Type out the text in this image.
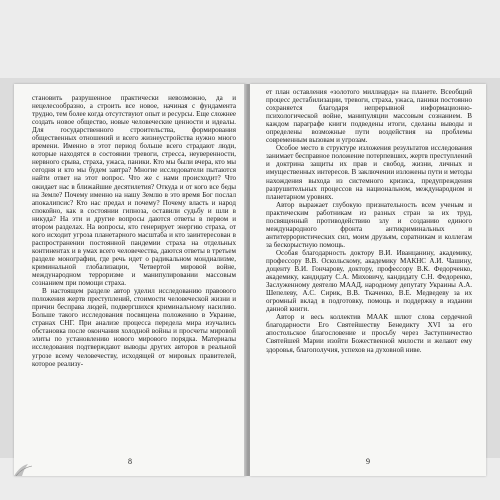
становить разрушенное практически невозможно, да и нецелесообразно, а строить все новое, начиная с фундамента трудно, тем более когда отсутствуют опыт и ресурсы. Еще сложнее создать новое общество, новые человеческие ценности и идеалы. Для государственного строительства, формирования общественных отношений и всего жизнеустройства нужно много времени. Именно в этот период больше всего страдают люди, которые находятся в состоянии тревоги, стресса, неуверенности, нервного срыва, страха, ужаса, паники. Кто мы были вчера, кто мы сегодня и кто мы будем завтра? Многие исследователи пытаются найти ответ на этот вопрос. Что же с нами происходит? Что ожидает нас в ближайшие десятилетия? Откуда и от кого все беды на Земле? Почему именно на нашу Землю в это время Бог послал апокалипсис? Кто нас предал и почему? Почему власть и народ спокойно, как в состоянии гипноза, оставили судьбу и шли в никуда? На эти и другие вопросы даются ответы в первом и втором разделах. На вопросы, кто генерирует энергию страха, от кого исходит угроза планетарного масштаба и кто заинтересован в распространении постоянной пандемии страха на отдельных континентах и в умах всего человечества, даются ответы в третьем разделе монографии, где речь идет о радикальном мондиализме, криминальной глобализации, Четвертой мировой войне, международном терроризме и манипулировании массовым сознанием при помощи страха.

В настоящем разделе автор уделил исследованию правового положения жертв преступлений, стоимости человеческой жизни и причин бесправа людей, подвергшихся криминальному насилию. Больше такого исследования посвящена положению в Украине, странах СНГ. При анализе процесса передела мира изучались обстановка после окончания холодной войны и просчеты мировой элиты по установлению нового мирового порядка. Материалы исследования подтверждают выводы других авторов в реальной угрозе всему человечеству, исходящей от мировых правителей, которое реализу-

8

ет план оставления «золотого миллиарда» на планете. Всеобщий процесс дестабилизации, тревоги, страха, ужаса, паники постоянно сохраняется благодаря непрерывной информационно-психологической войне, манипуляции массовым сознанием. В каждом параграфе книги подведены итоги, сделаны выводы и определены возможные пути воздействия на проблемы современным вызовам и угрозам.

Особое место в структуре изложения результатов исследования занимает бесправное положение потерпевших, жертв преступлений и доктрина защиты их прав и свобод, жизни, личных и имущественных интересов. В заключении изложены пути и методы нахождения выхода из системного кризиса, предупреждения разрушительных процессов на национальном, международном и планетарном уровнях.

Автор выражает глубокую признательность всем ученым и практическим работникам из разных стран за их труд, посвященный противодействию злу и созданию единого международного фронта антикриминальных и антитеррористических сил, моим друзьям, соратникам и коллегам за бескорыстную помощь.

Особая благодарность доктору В.И. Иванцанину, академику, профессору В.В. Оскольскому, академику МАКНС А.И. Чашину, доценту В.И. Гончарову, доктору, профессору В.К. Федорченко, академику, кандидату С.А. Миховичу, кандидату С.Н. Федоренко, Заслуженному деятелю МААД, народному депутату Украины А.А. Шепелеву, А.С. Сирик, В.В. Ткаченко, В.Е. Медведеву за их огромный вклад в подготовку, помощь и поддержку в издании данной книги.

Автор и весь коллектив МААК шлют слова сердечной благодарности Его Святейшеству Бенедикту XVI за его апостольское благословение и просьбу через Заступничество Святейшей Марии изойти Божественной милости и желают ему здоровья, благополучия, успехов на духовной ниве.

9
